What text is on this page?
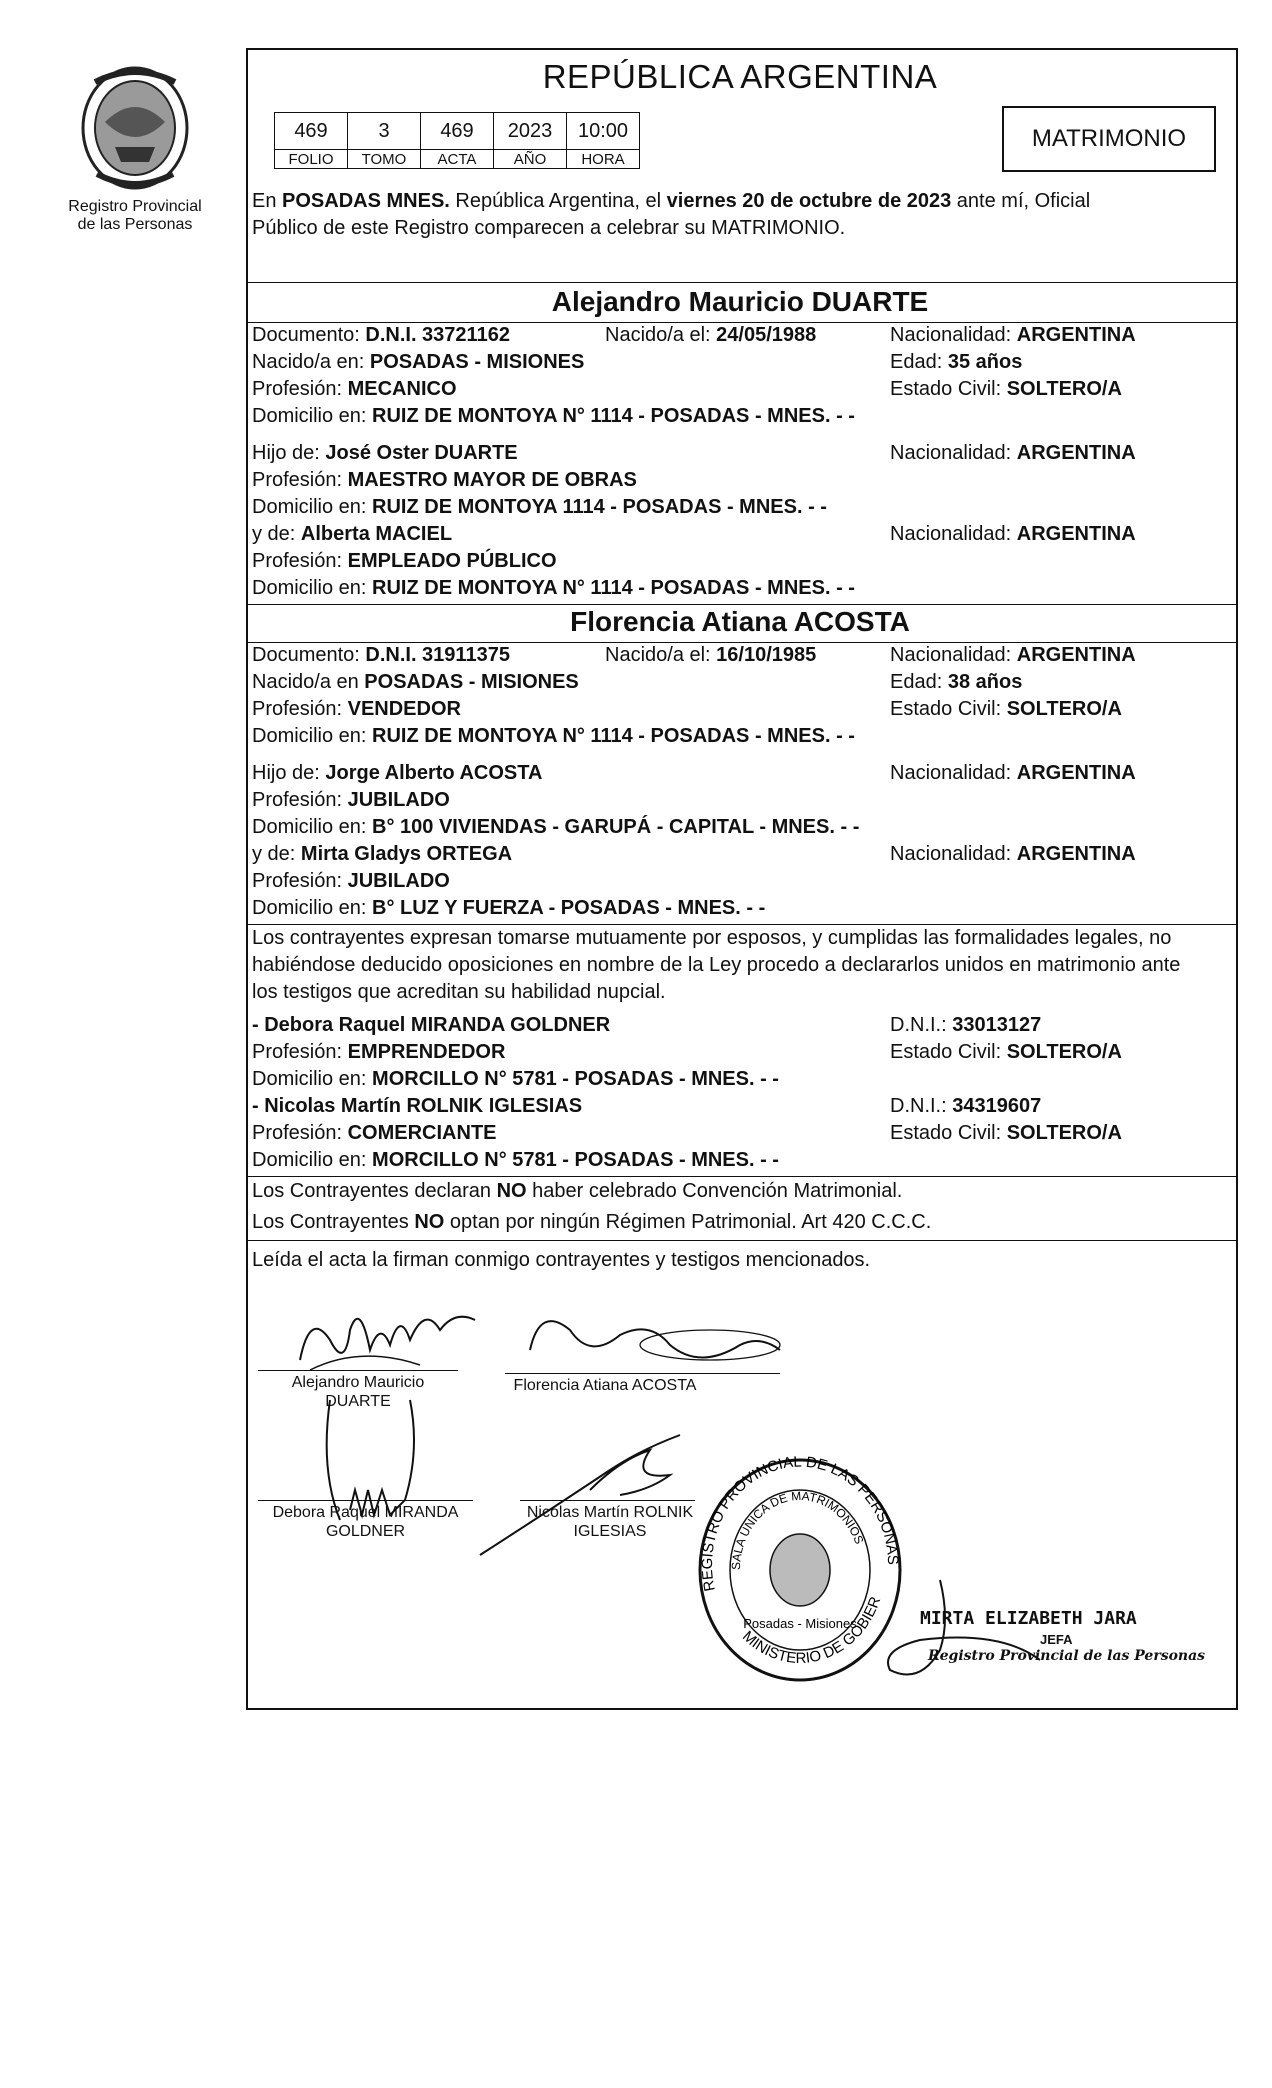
Registro Provincial
de las Personas
REPÚBLICA ARGENTINA
469	3	469	2023	10:00
FOLIO	TOMO	ACTA	AÑO	HORA
MATRIMONIO
En POSADAS MNES. República Argentina, el viernes 20 de octubre de 2023 ante mí, Oficial
Público de este Registro comparecen a celebrar su MATRIMONIO.
Alejandro Mauricio DUARTE
Documento: D.N.I. 33721162	Nacido/a el: 24/05/1988	Nacionalidad: ARGENTINA
Nacido/a en: POSADAS - MISIONES	Edad: 35 años
Profesión: MECANICO	Estado Civil: SOLTERO/A
Domicilio en: RUIZ DE MONTOYA N° 1114 - POSADAS - MNES. - -
Hijo de: José Oster DUARTE	Nacionalidad: ARGENTINA
Profesión: MAESTRO MAYOR DE OBRAS
Domicilio en: RUIZ DE MONTOYA 1114 - POSADAS - MNES. - -
y de: Alberta MACIEL	Nacionalidad: ARGENTINA
Profesión: EMPLEADO PÚBLICO
Domicilio en: RUIZ DE MONTOYA N° 1114 - POSADAS - MNES. - -
Florencia Atiana ACOSTA
Documento: D.N.I. 31911375	Nacido/a el: 16/10/1985	Nacionalidad: ARGENTINA
Nacido/a en POSADAS - MISIONES	Edad: 38 años
Profesión: VENDEDOR	Estado Civil: SOLTERO/A
Domicilio en: RUIZ DE MONTOYA N° 1114 - POSADAS - MNES. - -
Hijo de: Jorge Alberto ACOSTA	Nacionalidad: ARGENTINA
Profesión: JUBILADO
Domicilio en: B° 100 VIVIENDAS - GARUPÁ - CAPITAL - MNES. - -
y de: Mirta Gladys ORTEGA	Nacionalidad: ARGENTINA
Profesión: JUBILADO
Domicilio en: B° LUZ Y FUERZA - POSADAS - MNES. - -
Los contrayentes expresan tomarse mutuamente por esposos, y cumplidas las formalidades legales, no
habiéndose deducido oposiciones en nombre de la Ley procedo a declararlos unidos en matrimonio ante
los testigos que acreditan su habilidad nupcial.
- Debora Raquel MIRANDA GOLDNER	D.N.I.: 33013127
Profesión: EMPRENDEDOR	Estado Civil: SOLTERO/A
Domicilio en: MORCILLO N° 5781 - POSADAS - MNES. - -
- Nicolas Martín ROLNIK IGLESIAS	D.N.I.: 34319607
Profesión: COMERCIANTE	Estado Civil: SOLTERO/A
Domicilio en: MORCILLO N° 5781 - POSADAS - MNES. - -
Los Contrayentes declaran NO haber celebrado Convención Matrimonial.
Los Contrayentes NO optan por ningún Régimen Patrimonial. Art 420 C.C.C.
Leída el acta la firman conmigo contrayentes y testigos mencionados.
Alejandro Mauricio
DUARTE
Florencia Atiana ACOSTA
Debora Raquel MIRANDA
GOLDNER
Nicolas Martín ROLNIK
IGLESIAS
REGISTRO PROVINCIAL DE LAS PERSONAS
SALA UNICA DE MATRIMONIOS
MINISTERIO DE GOBIERNO
Posadas - Misiones	MIRTA ELIZABETH JARA
JEFA
Registro Provincial de las Personas
